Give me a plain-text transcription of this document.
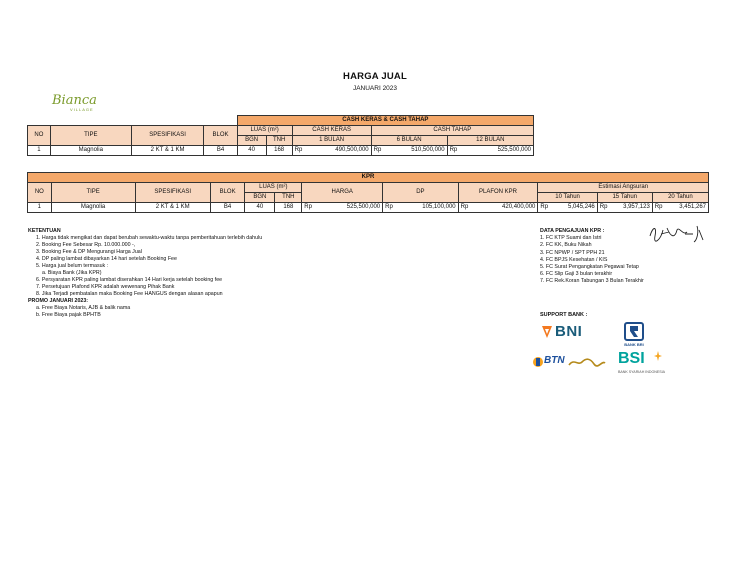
HARGA JUAL
JANUARI 2023
Bianca
VILLAGE
				CASH KERAS & CASH TAHAP							
NO	TIPE	SPESIFIKASI	BLOK	LUAS (m²)		CASH KERAS		CASH TAHAP			
				BGN	TNH	1 BULAN		6 BULAN		12 BULAN	
1	Magnolia	2 KT & 1 KM	B4	40	168	Rp	490,500,000	Rp	510,500,000	Rp	525,500,000
KPR																	
NO	TIPE	SPESIFIKASI	BLOK	LUAS (m²)		HARGA		DP		PLAFON KPR		Estimasi Angsuran					
				BGN	TNH							10 Tahun		15 Tahun		20 Tahun	
1	Magnolia	2 KT & 1 KM	B4	40	168	Rp	525,500,000	Rp	105,100,000	Rp	420,400,000	Rp	5,045,246	Rp	3,957,123	Rp	3,451,267
KETENTUAN
1. Harga tidak mengikat dan dapat berubah sewaktu-waktu tanpa pemberitahuan terlebih dahulu
2. Booking Fee Sebesar Rp. 10.000.000 -,
3. Booking Fee & DP Mengurangi Harga Jual
4. DP paling lambat dibayarkan 14 hari setelah Booking Fee
5. Harga jual belum termasuk :
a. Biaya Bank (Jika KPR)
6. Persyaratan KPR paling lambat diserahkan 14 Hari kerja setelah booking fee
7. Persetujuan Plafond KPR adalah wewenang Pihak Bank
8. Jika Terjadi pembatalan maka Booking Fee HANGUS dengan alasan apapun
PROMO JANUARI 2023:
a. Free Biaya Notaris, AJB & balik nama
b. Free Biaya pajak BPHTB
DATA PENGAJUAN KPR :
1. FC KTP Suami dan Istri
2. FC KK, Buku Nikah
3. FC NPWP / SPT PPH 21
4. FC BPJS Kesehatan / KIS
5. FC Surat Pengangkatan Pegawai Tetap
6. FC Slip Gaji 3 bulan terakhir
7. FC Rek.Koran Tabungan 3 Bulan Terakhir
SUPPORT BANK :
BNI
BANK BRI
BTN	BSI
BANK SYARIAH INDONESIA
